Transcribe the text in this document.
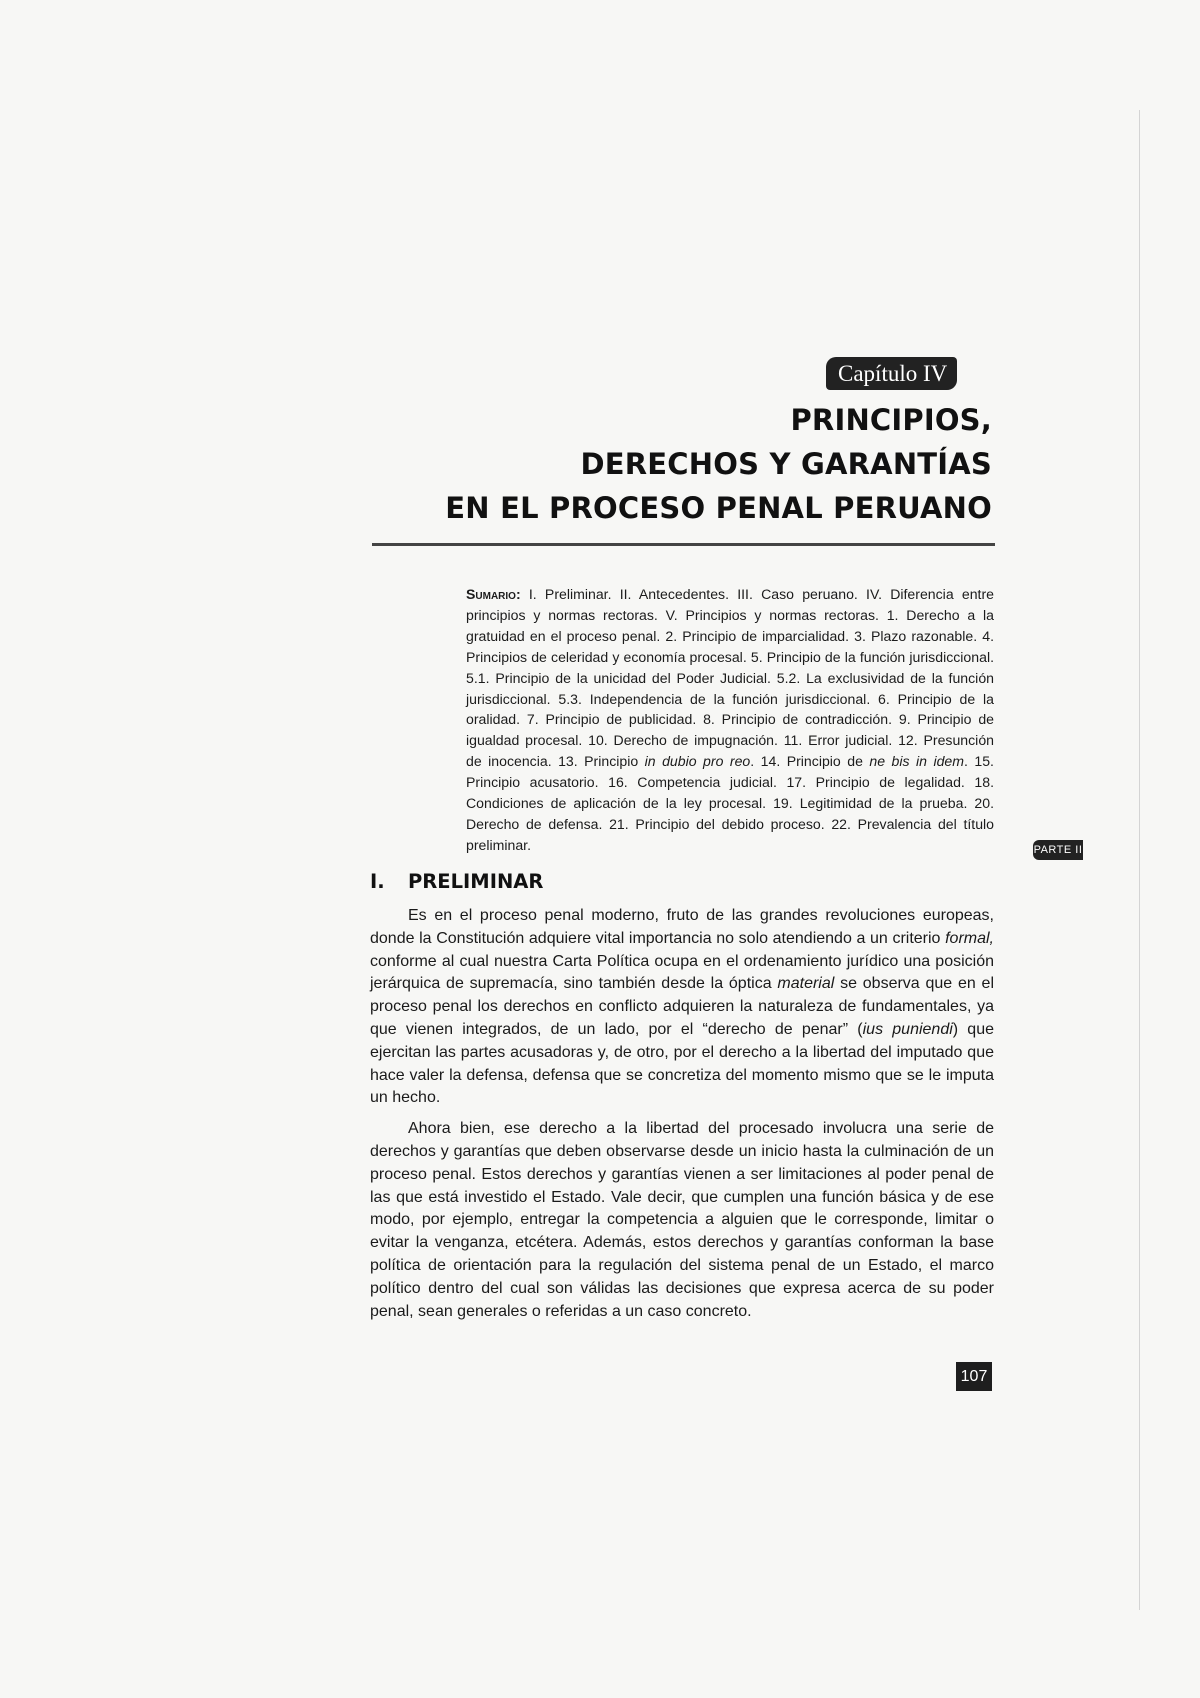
Capítulo IV
PRINCIPIOS,
DERECHOS Y GARANTÍAS
EN EL PROCESO PENAL PERUANO
Sumario: I. Preliminar. II. Antecedentes. III. Caso peruano. IV. Diferencia entre principios y normas rectoras. V. Principios y normas rectoras. 1. Derecho a la gratuidad en el proceso penal. 2. Principio de imparcialidad. 3. Plazo razonable. 4. Principios de celeridad y economía procesal. 5. Principio de la función jurisdiccional. 5.1. Principio de la unicidad del Poder Judicial. 5.2. La exclusividad de la función jurisdiccional. 5.3. Independencia de la función jurisdiccional. 6. Principio de la oralidad. 7. Principio de publicidad. 8. Principio de contradicción. 9. Principio de igualdad procesal. 10. Derecho de impugnación. 11. Error judicial. 12. Presunción de inocencia. 13. Principio in dubio pro reo. 14. Principio de ne bis in idem. 15. Principio acusatorio. 16. Competencia judicial. 17. Principio de legalidad. 18. Condiciones de aplicación de la ley procesal. 19. Legitimidad de la prueba. 20. Derecho de defensa. 21. Principio del debido proceso. 22. Prevalencia del título preliminar.	PARTE II
I. PRELIMINAR

Es en el proceso penal moderno, fruto de las grandes revoluciones europeas, donde la Constitución adquiere vital importancia no solo atendiendo a un criterio formal, conforme al cual nuestra Carta Política ocupa en el ordenamiento jurídico una posición jerárquica de supremacía, sino también desde la óptica material se observa que en el proceso penal los derechos en conflicto adquieren la naturaleza de fundamentales, ya que vienen integrados, de un lado, por el “derecho de penar” (ius puniendi) que ejercitan las partes acusadoras y, de otro, por el derecho a la libertad del imputado que hace valer la defensa, defensa que se concretiza del momento mismo que se le imputa un hecho.

Ahora bien, ese derecho a la libertad del procesado involucra una serie de derechos y garantías que deben observarse desde un inicio hasta la culminación de un proceso penal. Estos derechos y garantías vienen a ser limitaciones al poder penal de las que está investido el Estado. Vale decir, que cumplen una función básica y de ese modo, por ejemplo, entregar la competencia a alguien que le corresponde, limitar o evitar la venganza, etcétera. Además, estos derechos y garantías conforman la base política de orientación para la regulación del sistema penal de un Estado, el marco político dentro del cual son válidas las decisiones que expresa acerca de su poder penal, sean generales o referidas a un caso concreto.

107
